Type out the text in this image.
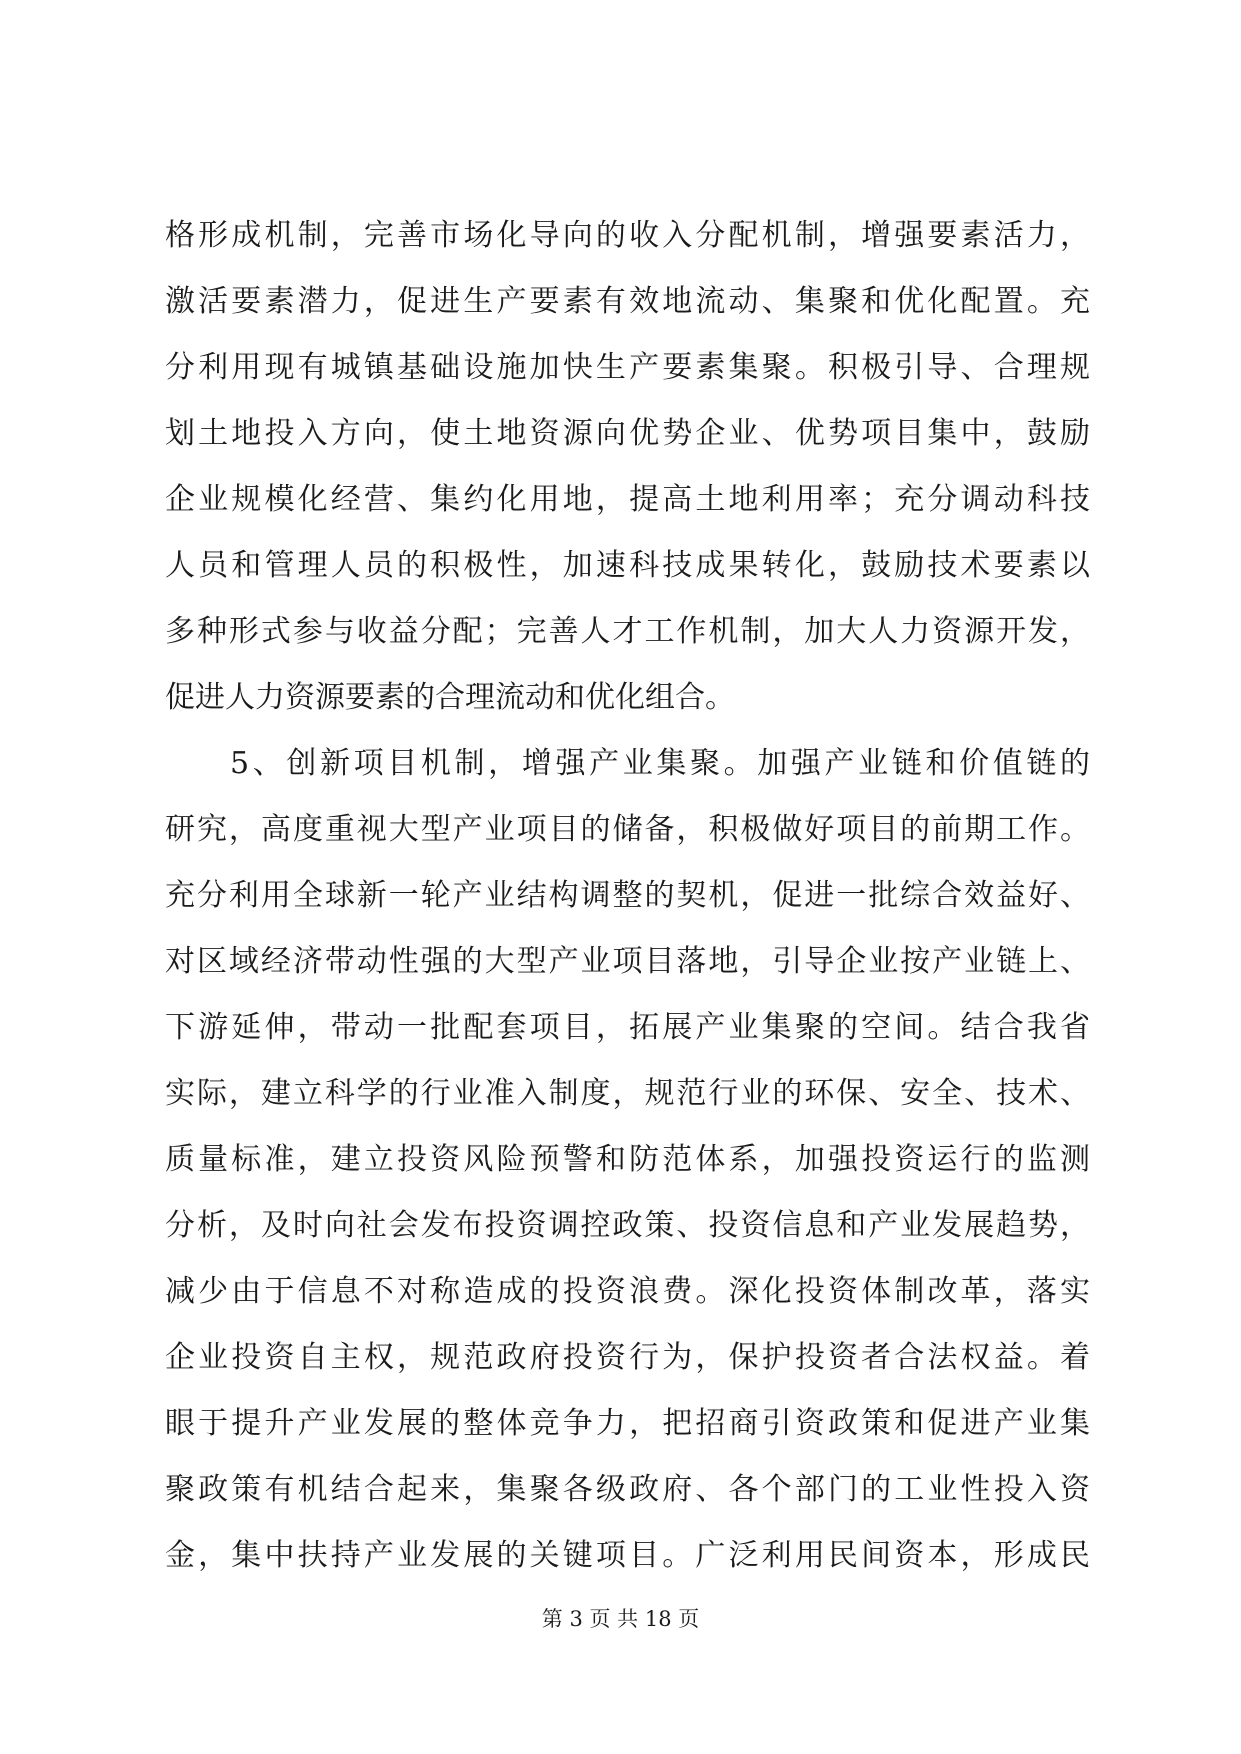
格形成机制，完善市场化导向的收入分配机制，增强要素活力，
激活要素潜力，促进生产要素有效地流动、集聚和优化配置。充
分利用现有城镇基础设施加快生产要素集聚。积极引导、合理规
划土地投入方向，使土地资源向优势企业、优势项目集中，鼓励
企业规模化经营、集约化用地，提高土地利用率；充分调动科技
人员和管理人员的积极性，加速科技成果转化，鼓励技术要素以
多种形式参与收益分配；完善人才工作机制，加大人力资源开发，
促进人力资源要素的合理流动和优化组合。
5、创新项目机制，增强产业集聚。加强产业链和价值链的
研究，高度重视大型产业项目的储备，积极做好项目的前期工作。
充分利用全球新一轮产业结构调整的契机，促进一批综合效益好、
对区域经济带动性强的大型产业项目落地，引导企业按产业链上、
下游延伸，带动一批配套项目，拓展产业集聚的空间。结合我省
实际，建立科学的行业准入制度，规范行业的环保、安全、技术、
质量标准，建立投资风险预警和防范体系，加强投资运行的监测
分析，及时向社会发布投资调控政策、投资信息和产业发展趋势，
减少由于信息不对称造成的投资浪费。深化投资体制改革，落实
企业投资自主权，规范政府投资行为，保护投资者合法权益。着
眼于提升产业发展的整体竞争力，把招商引资政策和促进产业集
聚政策有机结合起来，集聚各级政府、各个部门的工业性投入资
金，集中扶持产业发展的关键项目。广泛利用民间资本，形成民
第 3 页 共 18 页
